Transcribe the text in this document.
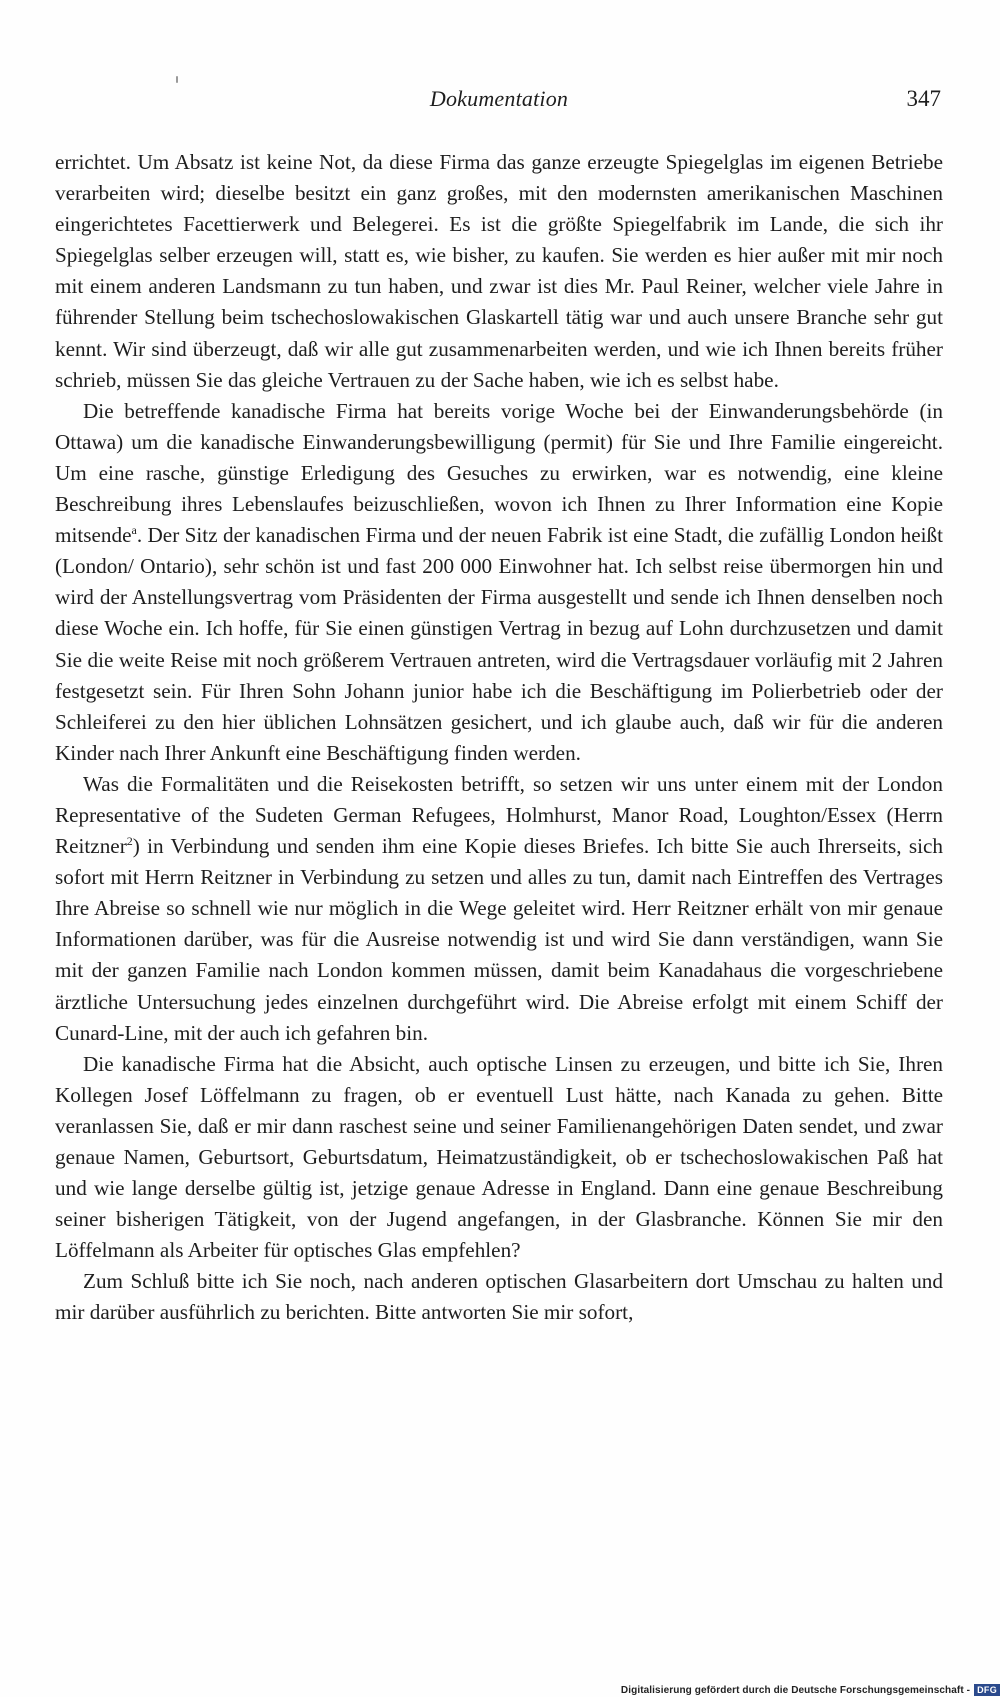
Dokumentation	347

errichtet. Um Absatz ist keine Not, da diese Firma das ganze erzeugte Spiegelglas im eigenen Betriebe verarbeiten wird; dieselbe besitzt ein ganz großes, mit den modernsten amerikanischen Maschinen eingerichtetes Facettierwerk und Belegerei. Es ist die größte Spiegelfabrik im Lande, die sich ihr Spiegelglas selber erzeugen will, statt es, wie bisher, zu kaufen. Sie werden es hier außer mit mir noch mit einem anderen Landsmann zu tun haben, und zwar ist dies Mr. Paul Reiner, welcher viele Jahre in führender Stellung beim tschechoslowakischen Glaskartell tätig war und auch unsere Branche sehr gut kennt. Wir sind überzeugt, daß wir alle gut zusammenarbeiten werden, und wie ich Ihnen bereits früher schrieb, müssen Sie das gleiche Vertrauen zu der Sache haben, wie ich es selbst habe.

Die betreffende kanadische Firma hat bereits vorige Woche bei der Einwanderungsbehörde (in Ottawa) um die kanadische Einwanderungsbewilligung (permit) für Sie und Ihre Familie eingereicht. Um eine rasche, günstige Erledigung des Gesuches zu erwirken, war es notwendig, eine kleine Beschreibung ihres Lebenslaufes beizuschließen, wovon ich Ihnen zu Ihrer Information eine Kopie mitsende$^a$. Der Sitz der kanadischen Firma und der neuen Fabrik ist eine Stadt, die zufällig London heißt (London/ Ontario), sehr schön ist und fast 200 000 Einwohner hat. Ich selbst reise übermorgen hin und wird der Anstellungsvertrag vom Präsidenten der Firma ausgestellt und sende ich Ihnen denselben noch diese Woche ein. Ich hoffe, für Sie einen günstigen Vertrag in bezug auf Lohn durchzusetzen und damit Sie die weite Reise mit noch größerem Vertrauen antreten, wird die Vertragsdauer vorläufig mit 2 Jahren festgesetzt sein. Für Ihren Sohn Johann junior habe ich die Beschäftigung im Polierbetrieb oder der Schleiferei zu den hier üblichen Lohnsätzen gesichert, und ich glaube auch, daß wir für die anderen Kinder nach Ihrer Ankunft eine Beschäftigung finden werden.

Was die Formalitäten und die Reisekosten betrifft, so setzen wir uns unter einem mit der London Representative of the Sudeten German Refugees, Holmhurst, Manor Road, Loughton/Essex (Herrn Reitzner$^2$) in Verbindung und senden ihm eine Kopie dieses Briefes. Ich bitte Sie auch Ihrerseits, sich sofort mit Herrn Reitzner in Verbindung zu setzen und alles zu tun, damit nach Eintreffen des Vertrages Ihre Abreise so schnell wie nur möglich in die Wege geleitet wird. Herr Reitzner erhält von mir genaue Informationen darüber, was für die Ausreise notwendig ist und wird Sie dann verständigen, wann Sie mit der ganzen Familie nach London kommen müssen, damit beim Kanadahaus die vorgeschriebene ärztliche Untersuchung jedes einzelnen durchgeführt wird. Die Abreise erfolgt mit einem Schiff der Cunard-Line, mit der auch ich gefahren bin.

Die kanadische Firma hat die Absicht, auch optische Linsen zu erzeugen, und bitte ich Sie, Ihren Kollegen Josef Löffelmann zu fragen, ob er eventuell Lust hätte, nach Kanada zu gehen. Bitte veranlassen Sie, daß er mir dann raschest seine und seiner Familienangehörigen Daten sendet, und zwar genaue Namen, Geburtsort, Geburtsdatum, Heimatzuständigkeit, ob er tschechoslowakischen Paß hat und wie lange derselbe gültig ist, jetzige genaue Adresse in England. Dann eine genaue Beschreibung seiner bisherigen Tätigkeit, von der Jugend angefangen, in der Glasbranche. Können Sie mir den Löffelmann als Arbeiter für optisches Glas empfehlen?

Zum Schluß bitte ich Sie noch, nach anderen optischen Glasarbeitern dort Umschau zu halten und mir darüber ausführlich zu berichten. Bitte antworten Sie mir sofort,

Digitalisierung gefördert durch die Deutsche Forschungsgemeinschaft - DFG
